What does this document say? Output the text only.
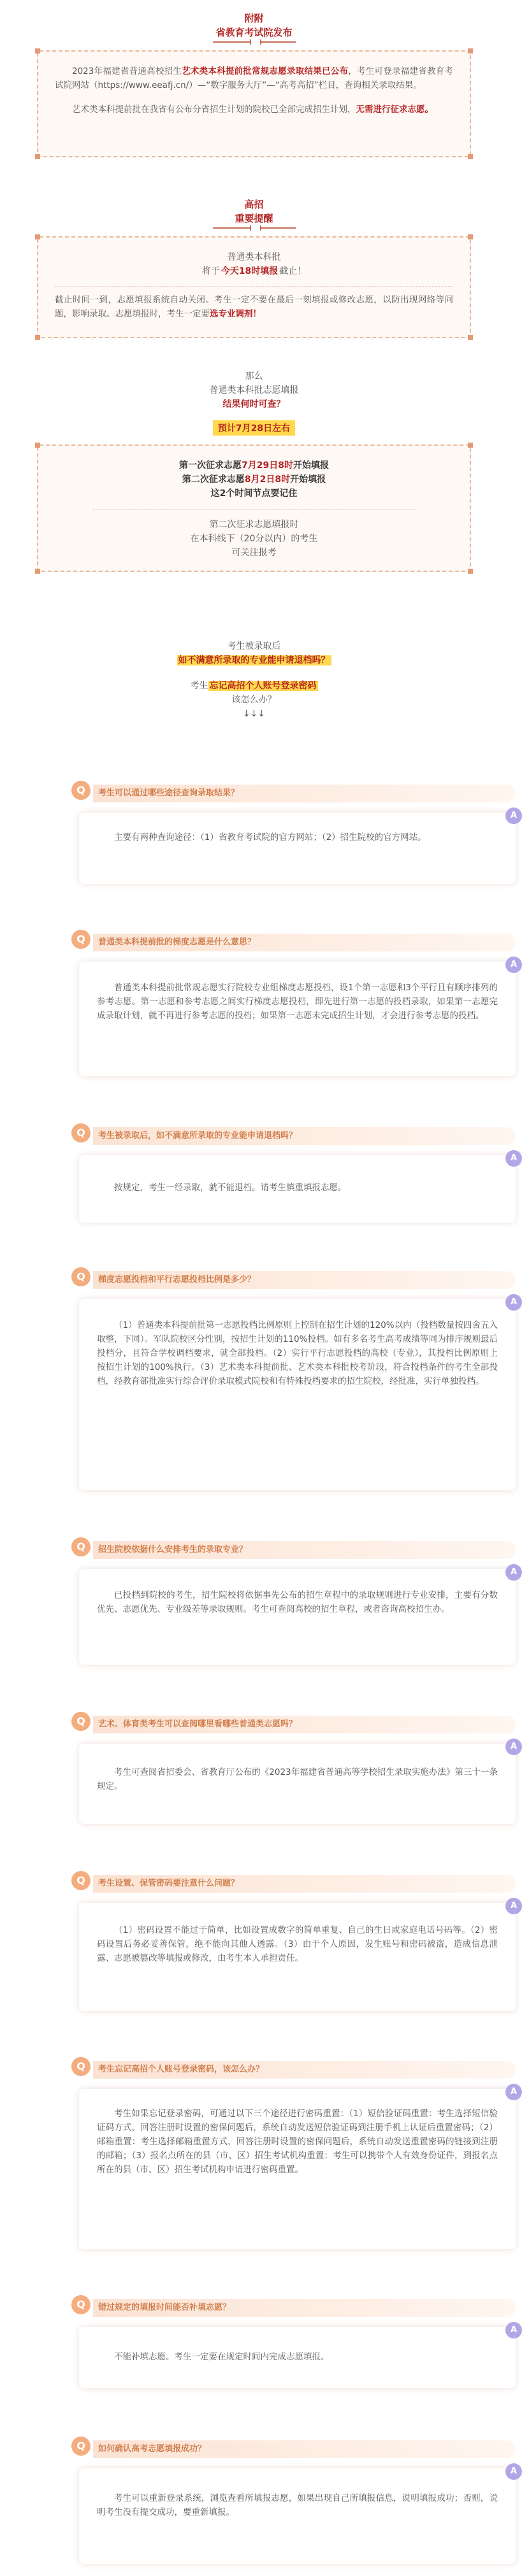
附附
省教育考试院发布

2023年福建省普通高校招生艺术类本科提前批常规志愿录取结果已公布，考生可登录福建省教育考试院网站（https://www.eeafj.cn/）—“数字服务大厅”—“高考高招”栏目，查询相关录取结果。

艺术类本科提前批在我省有公布分省招生计划的院校已全部完成招生计划，无需进行征求志愿。

高招
重要提醒
普通类本科批
将于 今天18时填报 截止！

截止时间一到，志愿填报系统自动关闭。考生一定不要在最后一刻填报或修改志愿，以防出现网络等问题，影响录取。志愿填报时，考生一定要选专业调剂！

那么
普通类本科批志愿填报
结果何时可查？
预计7月28日左右
第一次征求志愿7月29日8时开始填报
第二次征求志愿8月2日8时开始填报
这2个时间节点要记住
第二次征求志愿填报时
在本科线下（20分以内）的考生
可关注报考
考生被录取后
如不满意所录取的专业能申请退档吗？
考生 忘记高招个人账号登录密码
该怎么办？
↓↓↓
Q	考生可以通过哪些途径查询录取结果？
A

主要有两种查询途径：（1）省教育考试院的官方网站；（2）招生院校的官方网站。

Q	普通类本科提前批的梯度志愿是什么意思？
A

普通类本科提前批常规志愿实行院校专业组梯度志愿投档，设1个第一志愿和3个平行且有顺序排列的参考志愿。第一志愿和参考志愿之间实行梯度志愿投档，即先进行第一志愿的投档录取，如果第一志愿完成录取计划，就不再进行参考志愿的投档；如果第一志愿未完成招生计划，才会进行参考志愿的投档。

Q	考生被录取后，如不满意所录取的专业能申请退档吗？
A

按规定，考生一经录取，就不能退档。请考生慎重填报志愿。

Q	梯度志愿投档和平行志愿投档比例是多少？
A

（1）普通类本科提前批第一志愿投档比例原则上控制在招生计划的120%以内（投档数量按四舍五入取整，下同）。军队院校区分性别，按招生计划的110%投档。如有多名考生高考成绩等同为排序规则最后投档分，且符合学校调档要求，就全部投档。（2）实行平行志愿投档的高校（专业），其投档比例原则上按招生计划的100%执行。（3）艺术类本科提前批、艺术类本科批校考阶段，符合投档条件的考生全部投档，经教育部批准实行综合评价录取模式院校和有特殊投档要求的招生院校，经批准，实行单独投档。

Q	招生院校依据什么安排考生的录取专业？
A

已投档到院校的考生，招生院校将依据事先公布的招生章程中的录取规则进行专业安排，主要有分数优先、志愿优先、专业级差等录取规则。考生可查阅高校的招生章程，或者咨询高校招生办。

Q	艺术、体育类考生可以查阅哪里看哪些普通类志愿吗？
A

考生可查阅省招委会、省教育厅公布的《2023年福建省普通高等学校招生录取实施办法》第三十一条规定。

Q	考生设置、保管密码要注意什么问题？
A

（1）密码设置不能过于简单，比如设置成数字的简单重复、自己的生日或家庭电话号码等。（2）密码设置后务必妥善保管，绝不能向其他人透露。（3）由于个人原因，发生账号和密码被盗，造成信息泄露、志愿被篡改等填报或修改，由考生本人承担责任。

Q	考生忘记高招个人账号登录密码，该怎么办？
A

考生如果忘记登录密码，可通过以下三个途径进行密码重置：（1）短信验证码重置：考生选择短信验证码方式，回答注册时设置的密保问题后，系统自动发送短信验证码到注册手机上认证后重置密码；（2）邮箱重置：考生选择邮箱重置方式，回答注册时设置的密保问题后，系统自动发送重置密码的链接到注册的邮箱；（3）报名点所在的县（市、区）招生考试机构重置：考生可以携带个人有效身份证件，到报名点所在的县（市、区）招生考试机构申请进行密码重置。

Q	错过规定的填报时间能否补填志愿？
A

不能补填志愿。考生一定要在规定时间内完成志愿填报。

Q	如何确认高考志愿填报成功？
A

考生可以重新登录系统，浏览查看所填报志愿，如果出现自己所填报信息，说明填报成功；否则，说明考生没有提交成功，要重新填报。
